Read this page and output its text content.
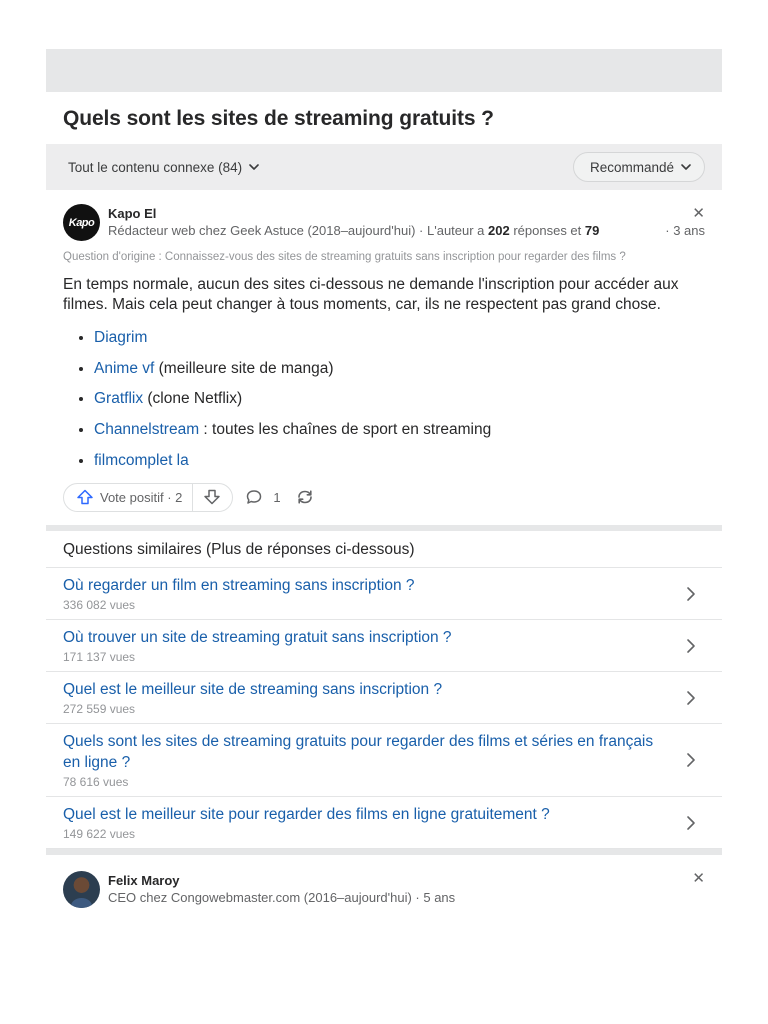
Quels sont les sites de streaming gratuits ?
Tout le contenu connexe (84)	Recommandé
Kapo
Kapo El
Rédacteur web chez Geek Astuce (2018–aujourd'hui) · L'auteur a 202 réponses et 79	· 3 ans
✕
Question d'origine : Connaissez-vous des sites de streaming gratuits sans inscription pour regarder des films ?

En temps normale, aucun des sites ci-dessous ne demande l'inscription pour accéder aux filmes. Mais cela peut changer à tous moments, car, ils ne respectent pas grand chose.

• Diagrim
• Anime vf (meilleure site de manga)
• Gratflix (clone Netflix)
• Channelstream : toutes les chaînes de sport en streaming
• filmcomplet la
Vote positif · 2	1
Questions similaires (Plus de réponses ci-dessous)
Où regarder un film en streaming sans inscription ?
336 082 vues
Où trouver un site de streaming gratuit sans inscription ?
171 137 vues
Quel est le meilleur site de streaming sans inscription ?
272 559 vues
Quels sont les sites de streaming gratuits pour regarder des films et séries en français en ligne ?
78 616 vues
Quel est le meilleur site pour regarder des films en ligne gratuitement ?
149 622 vues
Felix Maroy
CEO chez Congowebmaster.com (2016–aujourd'hui) · 5 ans
✕
